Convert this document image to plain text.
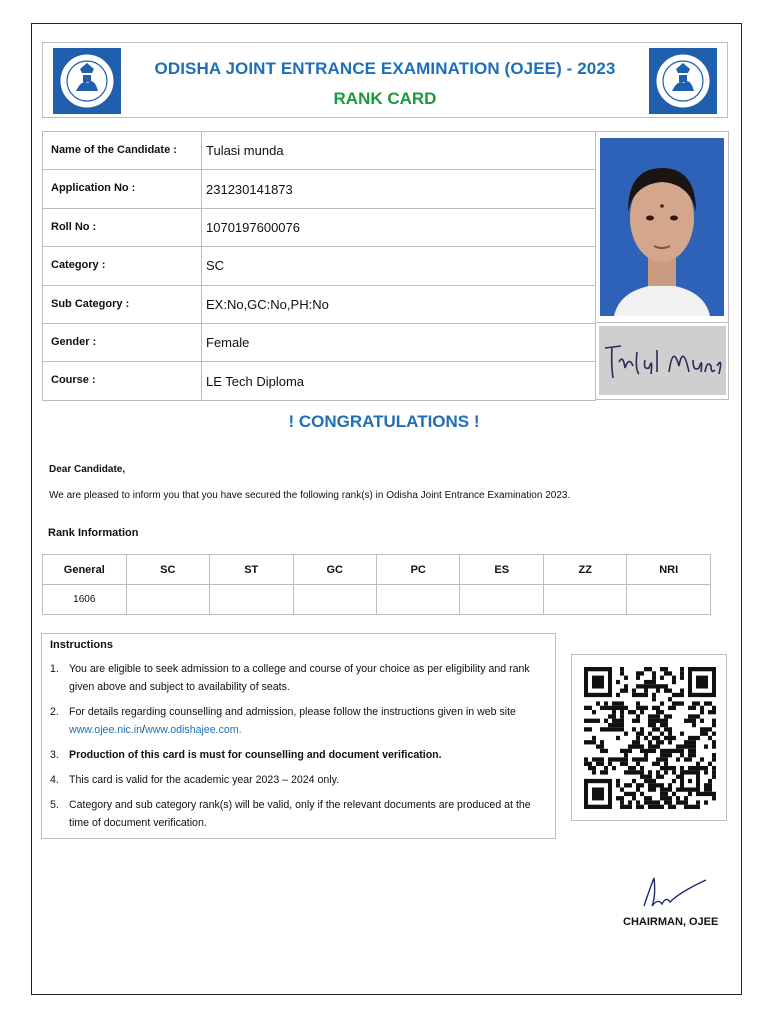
ODISHA JOINT ENTRANCE EXAMINATION (OJEE) - 2023
RANK CARD
Name of the Candidate :	Tulasi munda
Application No :	231230141873
Roll No :	1070197600076
Category :	SC
Sub Category :	EX:No,GC:No,PH:No
Gender :	Female
Course :	LE Tech Diploma
! CONGRATULATIONS !
Dear Candidate,
We are pleased to inform you that you have secured the following rank(s) in Odisha Joint Entrance Examination 2023.
Rank Information
General	SC	ST	GC	PC	ES	ZZ	NRI
1606							
Instructions
1. You are eligible to seek admission to a college and course of your choice as per eligibility and rank given above and subject to availability of seats.
2. For details regarding counselling and admission, please follow the instructions given in web site www.ojee.nic.in/www.odishajee.com.
3. Production of this card is must for counselling and document verification.
4. This card is valid for the academic year 2023 – 2024 only.
5. Category and sub category rank(s) will be valid, only if the relevant documents are produced at the time of document verification.
CHAIRMAN, OJEE
